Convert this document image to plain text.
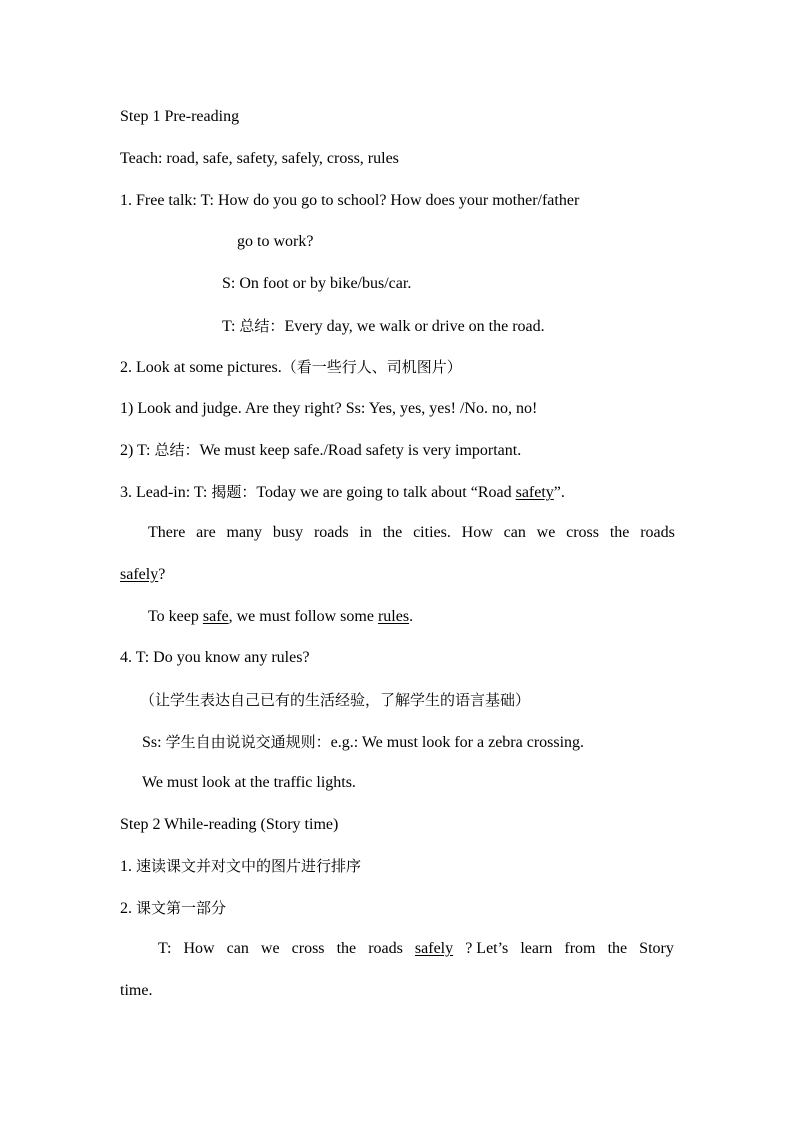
Step 1 Pre-reading
Teach: road, safe, safety, safely, cross, rules
1. Free talk: T: How do you go to school? How does your mother/father
go to work?
S: On foot or by bike/bus/car.
T: 总结：Every day, we walk or drive on the road.
2. Look at some pictures.（看一些行人、司机图片）
1) Look and judge. Are they right? Ss: Yes, yes, yes! /No. no, no!
2) T: 总结：We must keep safe./Road safety is very important.
3. Lead-in: T: 揭题：Today we are going to talk about “Road safety”.
There are many busy roads in the cities. How can we cross the roads
safely?
To keep safe, we must follow some rules.
4. T: Do you know any rules?
（让学生表达自己已有的生活经验，了解学生的语言基础）
Ss: 学生自由说说交通规则：e.g.: We must look for a zebra crossing.
We must look at the traffic lights.
Step 2 While-reading (Story time)
1. 速读课文并对文中的图片进行排序
2. 课文第一部分
T: How can we cross the roads safely ? Let’s learn from the Story
time.
